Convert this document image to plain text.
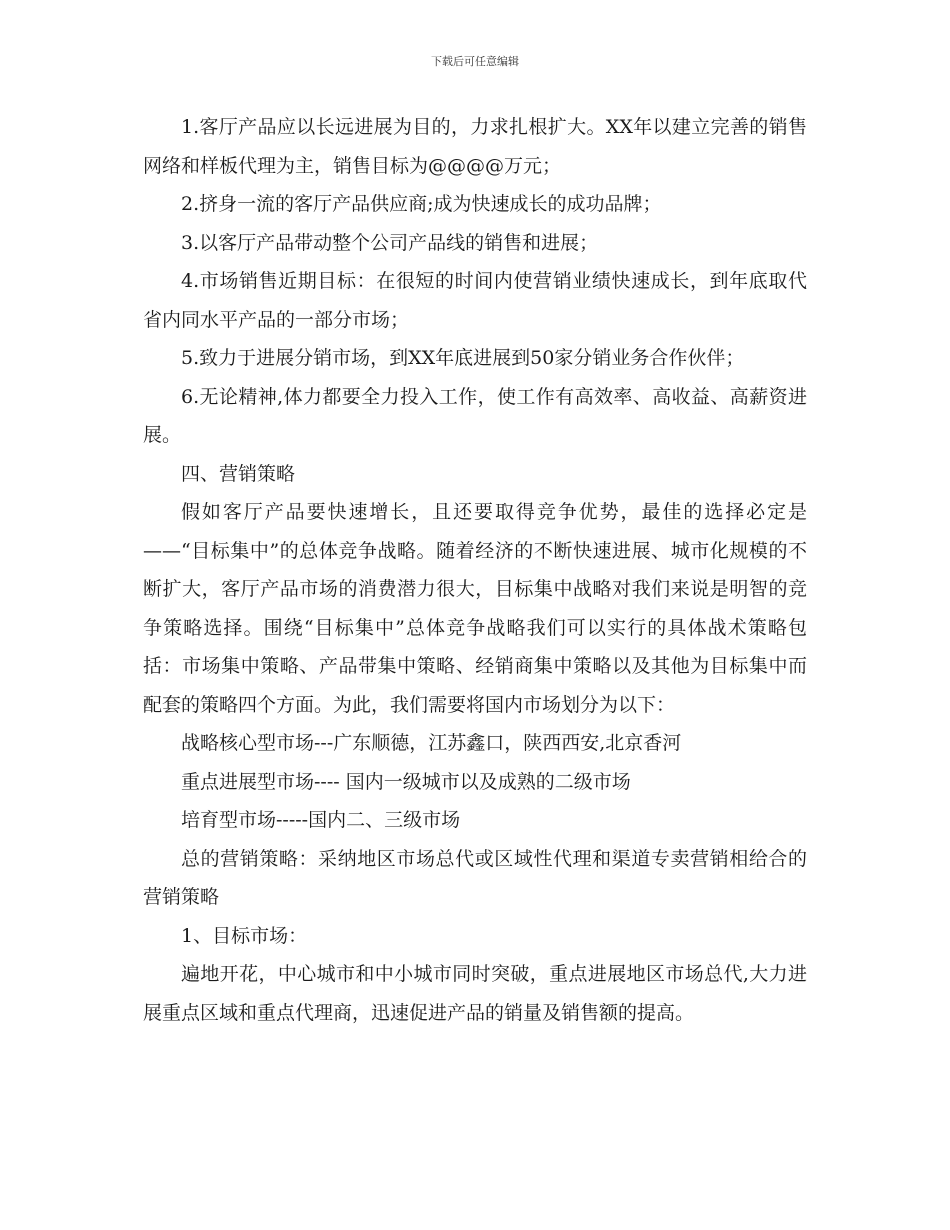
下载后可任意编辑

1.客厅产品应以长远进展为目的，力求扎根扩大。XX年以建立完善的销售网络和样板代理为主，销售目标为@@@@万元；

2.挤身一流的客厅产品供应商;成为快速成长的成功品牌；

3.以客厅产品带动整个公司产品线的销售和进展；

4.市场销售近期目标：在很短的时间内使营销业绩快速成长，到年底取代省内同水平产品的一部分市场；

5.致力于进展分销市场，到XX年底进展到50家分销业务合作伙伴；

6.无论精神,体力都要全力投入工作，使工作有高效率、高收益、高薪资进展。

四、营销策略

假如客厅产品要快速增长，且还要取得竞争优势，最佳的选择必定是——“目标集中”的总体竞争战略。随着经济的不断快速进展、城市化规模的不断扩大，客厅产品市场的消费潜力很大，目标集中战略对我们来说是明智的竞争策略选择。围绕“目标集中”总体竞争战略我们可以实行的具体战术策略包括：市场集中策略、产品带集中策略、经销商集中策略以及其他为目标集中而配套的策略四个方面。为此，我们需要将国内市场划分为以下：

战略核心型市场---广东顺德，江苏鑫口，陕西西安,北京香河

重点进展型市场---- 国内一级城市以及成熟的二级市场

培育型市场-----国内二、三级市场

总的营销策略：采纳地区市场总代或区域性代理和渠道专卖营销相给合的营销策略

1、目标市场：

遍地开花，中心城市和中小城市同时突破，重点进展地区市场总代,大力进展重点区域和重点代理商，迅速促进产品的销量及销售额的提高。
